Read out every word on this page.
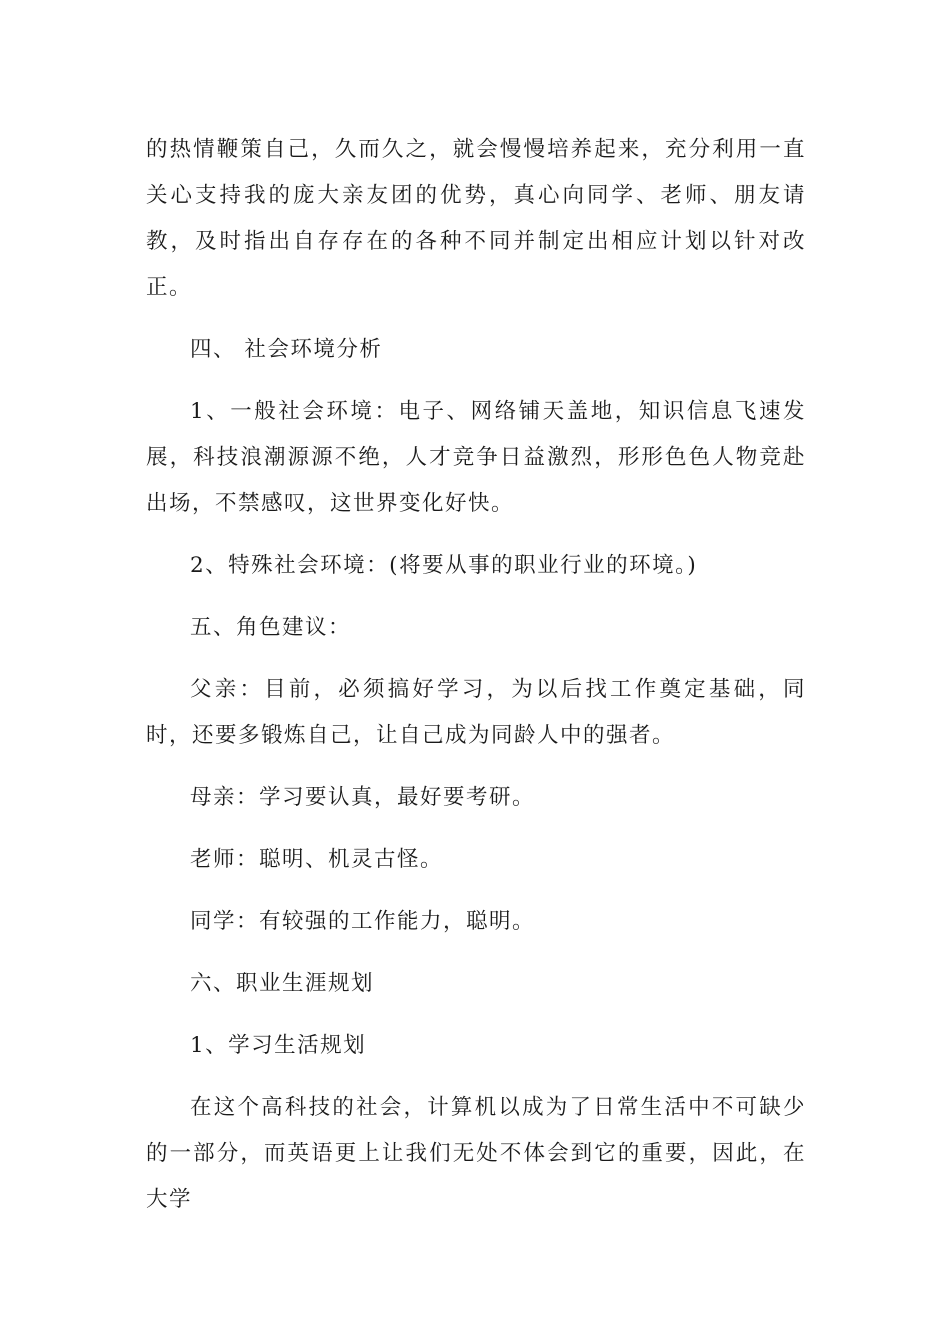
的热情鞭策自己，久而久之，就会慢慢培养起来，充分利用一直关心支持我的庞大亲友团的优势，真心向同学、老师、朋友请教，及时指出自存存在的各种不同并制定出相应计划以针对改正。

四、 社会环境分析

1、一般社会环境：电子、网络铺天盖地，知识信息飞速发展，科技浪潮源源不绝，人才竞争日益激烈，形形色色人物竞赴出场，不禁感叹，这世界变化好快。

2、特殊社会环境：(将要从事的职业行业的环境。)

五、角色建议：

父亲：目前，必须搞好学习，为以后找工作奠定基础，同时，还要多锻炼自己，让自己成为同龄人中的强者。

母亲：学习要认真，最好要考研。

老师：聪明、机灵古怪。

同学：有较强的工作能力，聪明。

六、职业生涯规划

1、学习生活规划

在这个高科技的社会，计算机以成为了日常生活中不可缺少的一部分，而英语更上让我们无处不体会到它的重要，因此，在大学
